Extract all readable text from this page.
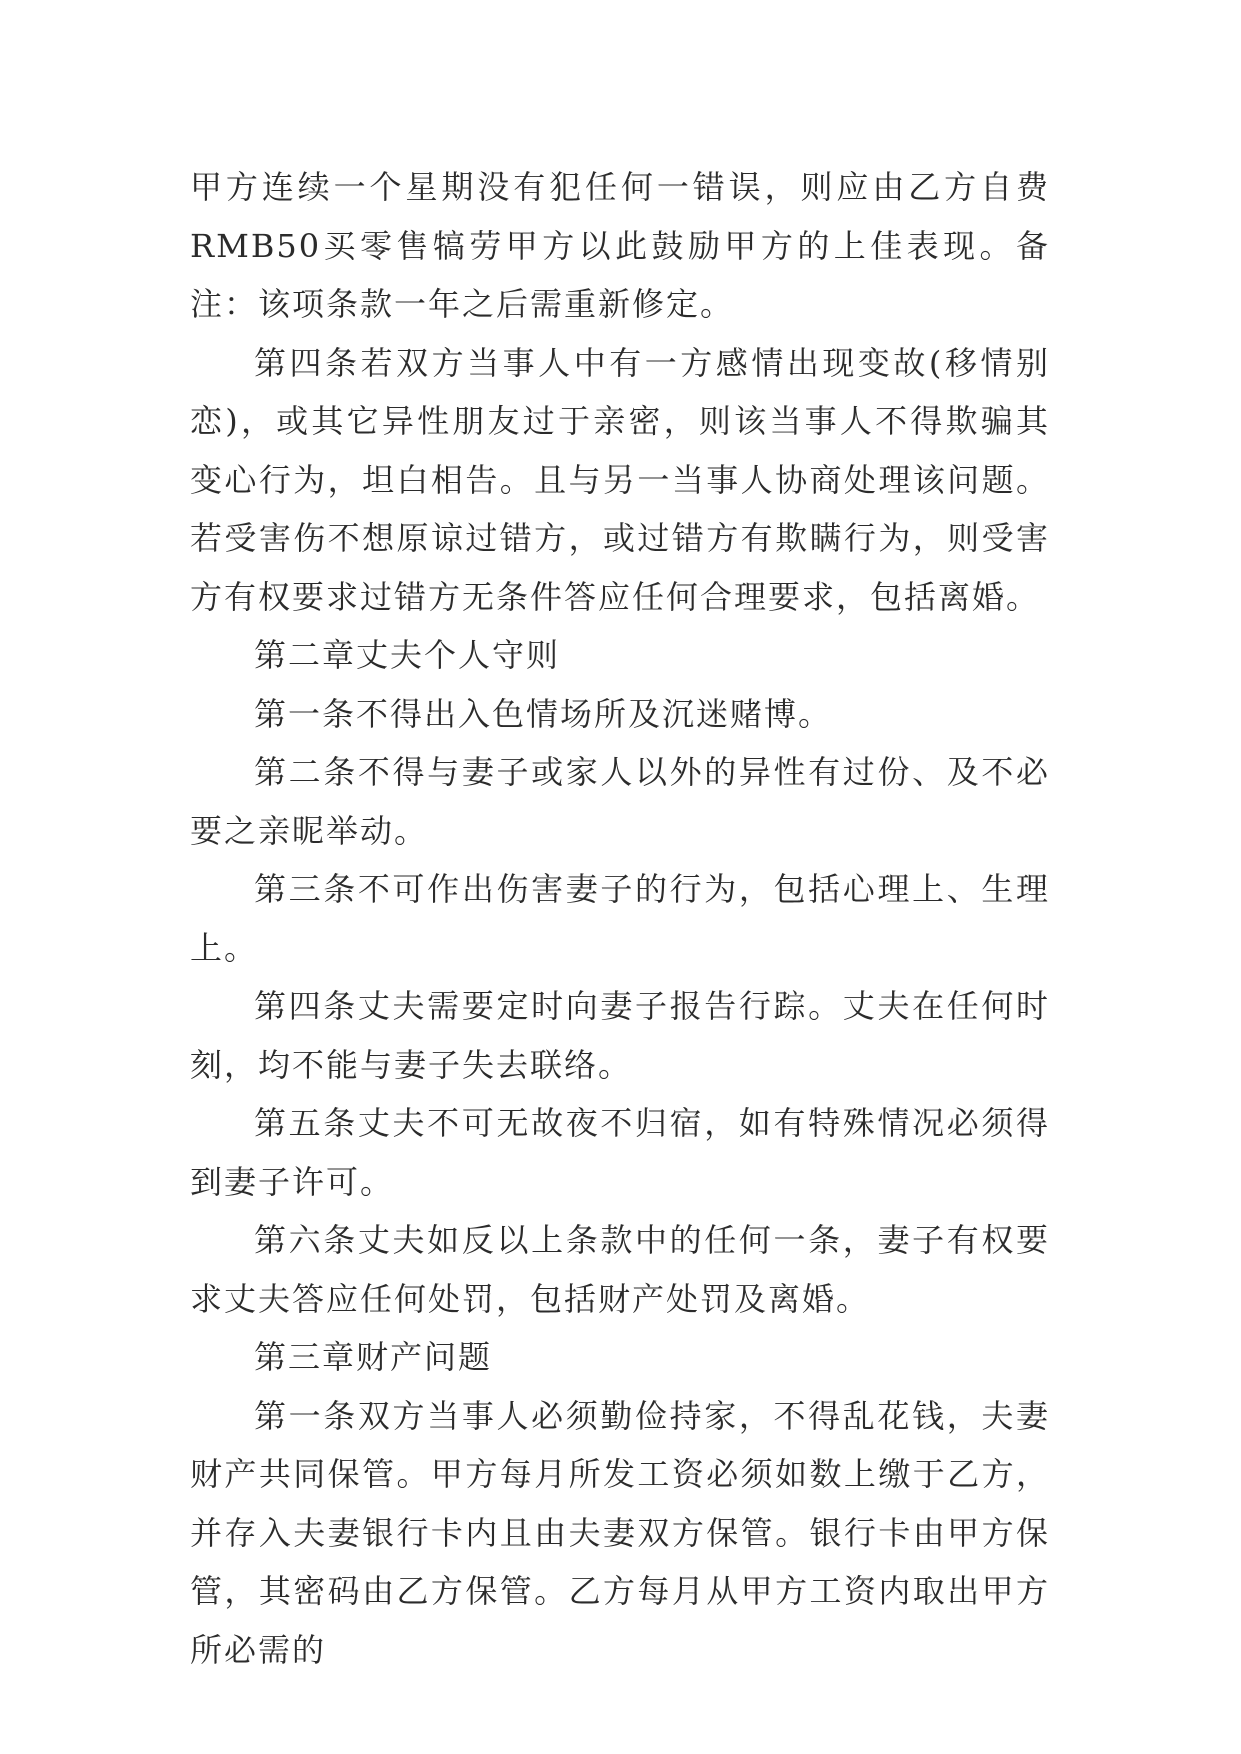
甲方连续一个星期没有犯任何一错误，则应由乙方自费RMB50买零售犒劳甲方以此鼓励甲方的上佳表现。备注：该项条款一年之后需重新修定。

第四条若双方当事人中有一方感情出现变故(移情别恋)，或其它异性朋友过于亲密，则该当事人不得欺骗其变心行为，坦白相告。且与另一当事人协商处理该问题。若受害伤不想原谅过错方，或过错方有欺瞒行为，则受害方有权要求过错方无条件答应任何合理要求，包括离婚。

第二章丈夫个人守则

第一条不得出入色情场所及沉迷赌博。

第二条不得与妻子或家人以外的异性有过份、及不必要之亲昵举动。

第三条不可作出伤害妻子的行为，包括心理上、生理上。

第四条丈夫需要定时向妻子报告行踪。丈夫在任何时刻，均不能与妻子失去联络。

第五条丈夫不可无故夜不归宿，如有特殊情况必须得到妻子许可。

第六条丈夫如反以上条款中的任何一条，妻子有权要求丈夫答应任何处罚，包括财产处罚及离婚。

第三章财产问题

第一条双方当事人必须勤俭持家，不得乱花钱，夫妻财产共同保管。甲方每月所发工资必须如数上缴于乙方，并存入夫妻银行卡内且由夫妻双方保管。银行卡由甲方保管，其密码由乙方保管。乙方每月从甲方工资内取出甲方所必需的
